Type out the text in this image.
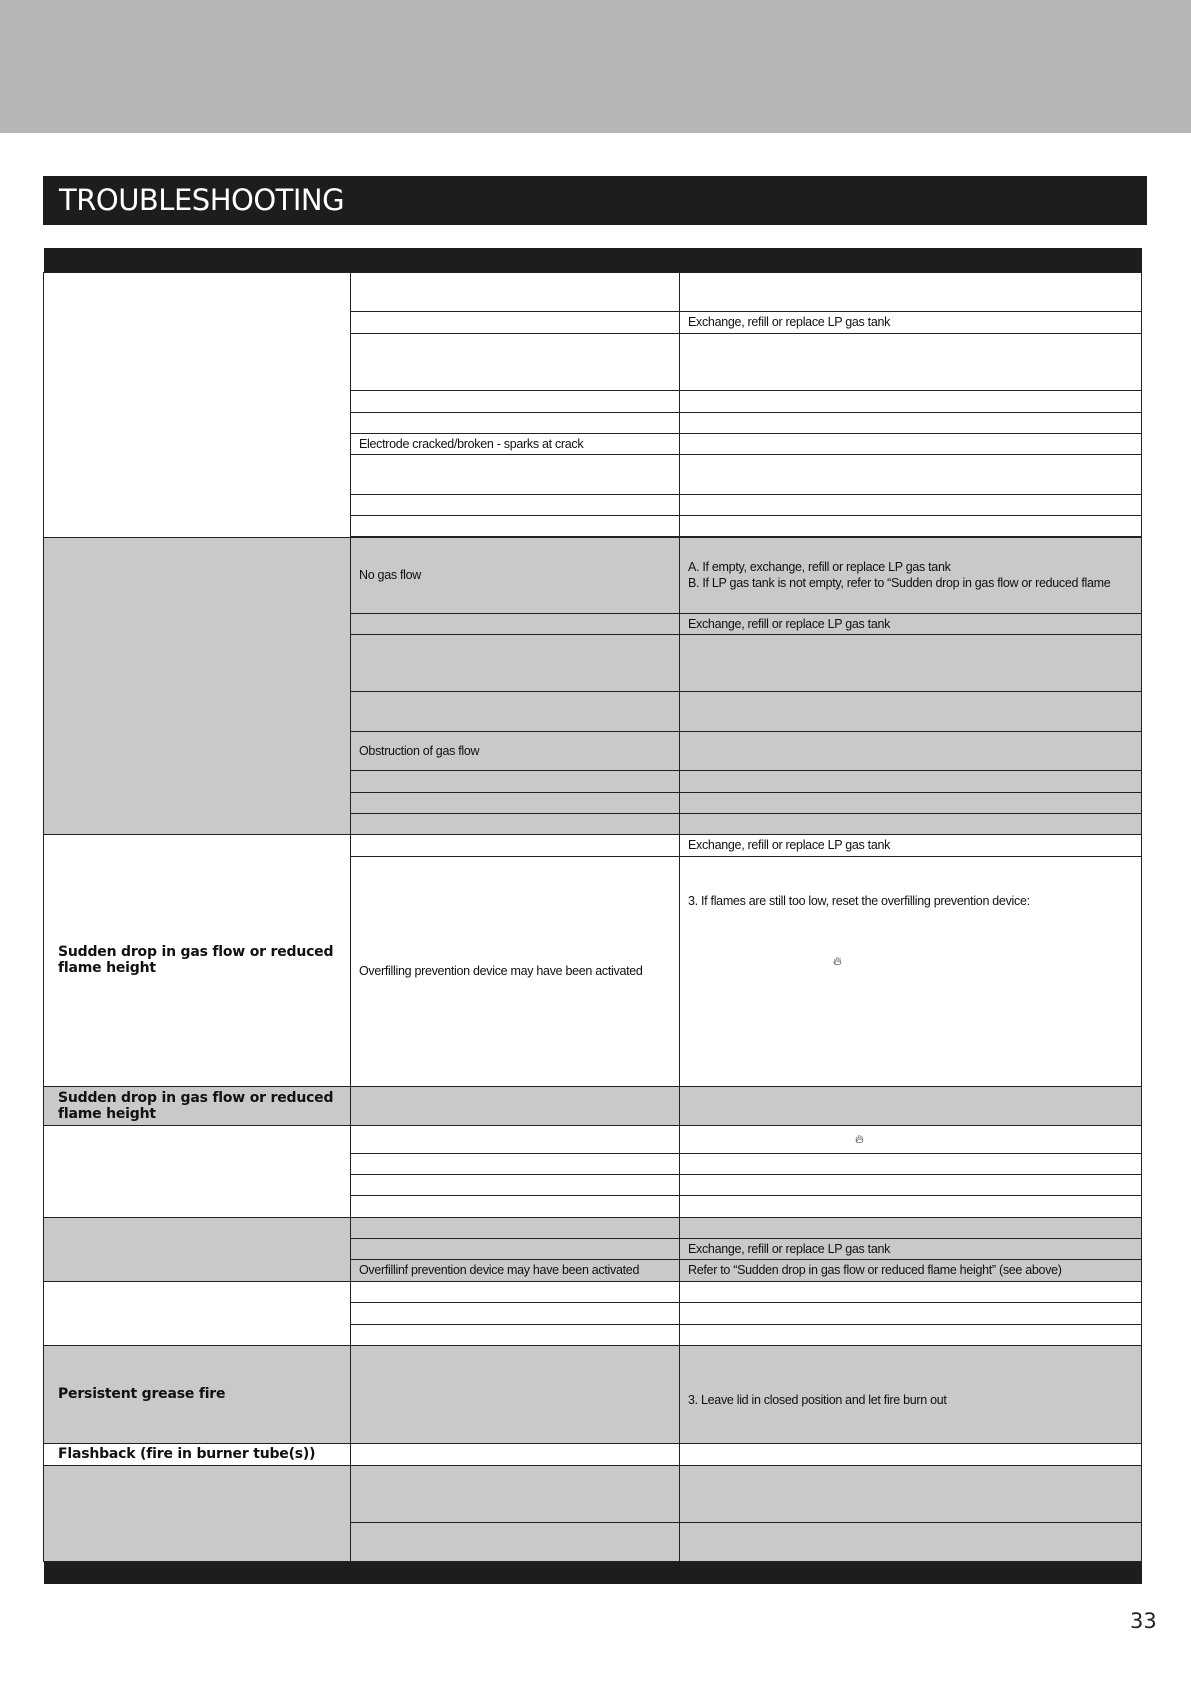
TROUBLESHOOTING

		Exchange, refill or replace LP gas tank

	Electrode cracked/broken - sparks at crack	

	No gas flow	A. If empty, exchange, refill or replace LP gas tank
B. If LP gas tank is not empty, refer to “Sudden drop in gas flow or reduced flame

		Exchange, refill or replace LP gas tank

	Obstruction of gas flow	

Sudden drop in gas flow or reduced flame height		Exchange, refill or replace LP gas tank
	Overfilling prevention device may have been activated	3. If flames are still too low, reset the overfilling prevention device:
🔥︎

Sudden drop in gas flow or reduced flame height		
		🔥︎

		Exchange, refill or replace LP gas tank
	Overfillinf prevention device may have been activated	Refer to “Sudden drop in gas flow or reduced flame height” (see above)

Persistent grease fire		3. Leave lid in closed position and let fire burn out
Flashback (fire in burner tube(s))		

33
